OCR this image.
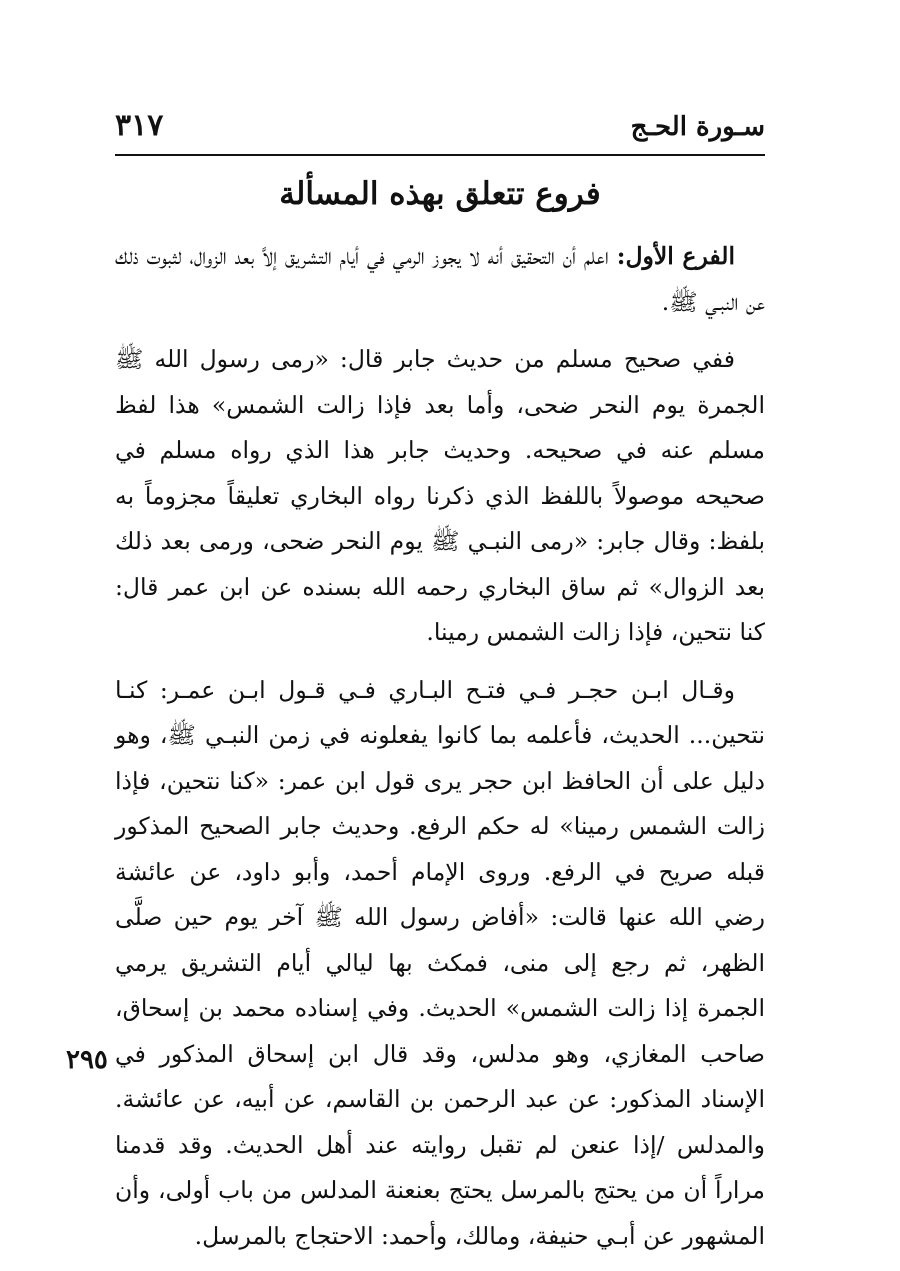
سـورة الحـج
٣١٧
فروع تتعلق بهذه المسألة

الفرع الأول: اعلم أن التحقيق أنه لا يجوز الرمي في أيام التشريق إلاَّ بعد الزوال، لثبوت ذلك عن النبـي ﷺ.

ففي صحيح مسلم من حديث جابر قال: «رمى رسول الله ﷺ الجمرة يوم النحر ضحى، وأما بعد فإذا زالت الشمس» هذا لفظ مسلم عنه في صحيحه. وحديث جابر هذا الذي رواه مسلم في صحيحه موصولاً باللفظ الذي ذكرنا رواه البخاري تعليقاً مجزوماً به بلفظ: وقال جابر: «رمى النبـي ﷺ يوم النحر ضحى، ورمى بعد ذلك بعد الزوال» ثم ساق البخاري رحمه الله بسنده عن ابن عمر قال: كنا نتحين، فإذا زالت الشمس رمينا.

وقـال ابـن حجـر فـي فتـح البـاري فـي قـول ابـن عمـر: كنـا نتحين... الحديث، فأعلمه بما كانوا يفعلونه في زمن النبـي ﷺ، وهو دليل على أن الحافظ ابن حجر يرى قول ابن عمر: «كنا نتحين، فإذا زالت الشمس رمينا» له حكم الرفع. وحديث جابر الصحيح المذكور قبله صريح في الرفع. وروى الإمام أحمد، وأبو داود، عن عائشة رضي الله عنها قالت: «أفاض رسول الله ﷺ آخر يوم حين صلَّى الظهر، ثم رجع إلى منى، فمكث بها ليالي أيام التشريق يرمي الجمرة إذا زالت الشمس» الحديث. وفي إسناده محمد بن إسحاق، صاحب المغازي، وهو مدلس، وقد قال ابن إسحاق المذكور في الإسناد المذكور: عن عبد الرحمن بن القاسم، عن أبيه، عن عائشة. والمدلس /إذا عنعن لم تقبل روايته عند أهل الحديث. وقد قدمنا مراراً أن من يحتج بالمرسل يحتج بعنعنة المدلس من باب أولى، وأن المشهور عن أبـي حنيفة، ومالك، وأحمد: الاحتجاج بالمرسل.

٢٩٥
